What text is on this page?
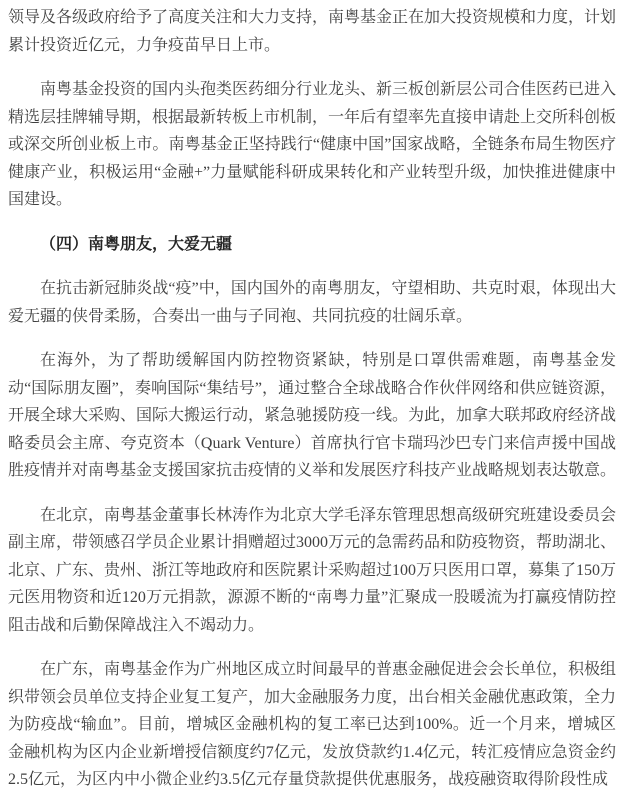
领导及各级政府给予了高度关注和大力支持，南粤基金正在加大投资规模和力度，计划累计投资近亿元，力争疫苗早日上市。

南粤基金投资的国内头孢类医药细分行业龙头、新三板创新层公司合佳医药已进入精选层挂牌辅导期，根据最新转板上市机制，一年后有望率先直接申请赴上交所科创板或深交所创业板上市。南粤基金正坚持践行“健康中国”国家战略，全链条布局生物医疗健康产业，积极运用“金融+”力量赋能科研成果转化和产业转型升级，加快推进健康中国建设。

（四）南粤朋友，大爱无疆

在抗击新冠肺炎战“疫”中，国内国外的南粤朋友，守望相助、共克时艰，体现出大爱无疆的侠骨柔肠，合奏出一曲与子同袍、共同抗疫的壮阔乐章。

在海外，为了帮助缓解国内防控物资紧缺，特别是口罩供需难题，南粤基金发动“国际朋友圈”，奏响国际“集结号”，通过整合全球战略合作伙伴网络和供应链资源，开展全球大采购、国际大搬运行动，紧急驰援防疫一线。为此，加拿大联邦政府经济战略委员会主席、夸克资本（Quark Venture）首席执行官卡瑞玛沙巴专门来信声援中国战胜疫情并对南粤基金支援国家抗击疫情的义举和发展医疗科技产业战略规划表达敬意。

在北京，南粤基金董事长林涛作为北京大学毛泽东管理思想高级研究班建设委员会副主席，带领感召学员企业累计捐赠超过3000万元的急需药品和防疫物资，帮助湖北、北京、广东、贵州、浙江等地政府和医院累计采购超过100万只医用口罩，募集了150万元医用物资和近120万元捐款，源源不断的“南粤力量”汇聚成一股暖流为打赢疫情防控阻击战和后勤保障战注入不竭动力。

在广东，南粤基金作为广州地区成立时间最早的普惠金融促进会会长单位，积极组织带领会员单位支持企业复工复产，加大金融服务力度，出台相关金融优惠政策，全力为防疫战“输血”。目前，增城区金融机构的复工率已达到100%。近一个月来，增城区金融机构为区内企业新增授信额度约7亿元，发放贷款约1.4亿元，转汇疫情应急资金约2.5亿元，为区内中小微企业约3.5亿元存量贷款提供优惠服务，战疫融资取得阶段性成
